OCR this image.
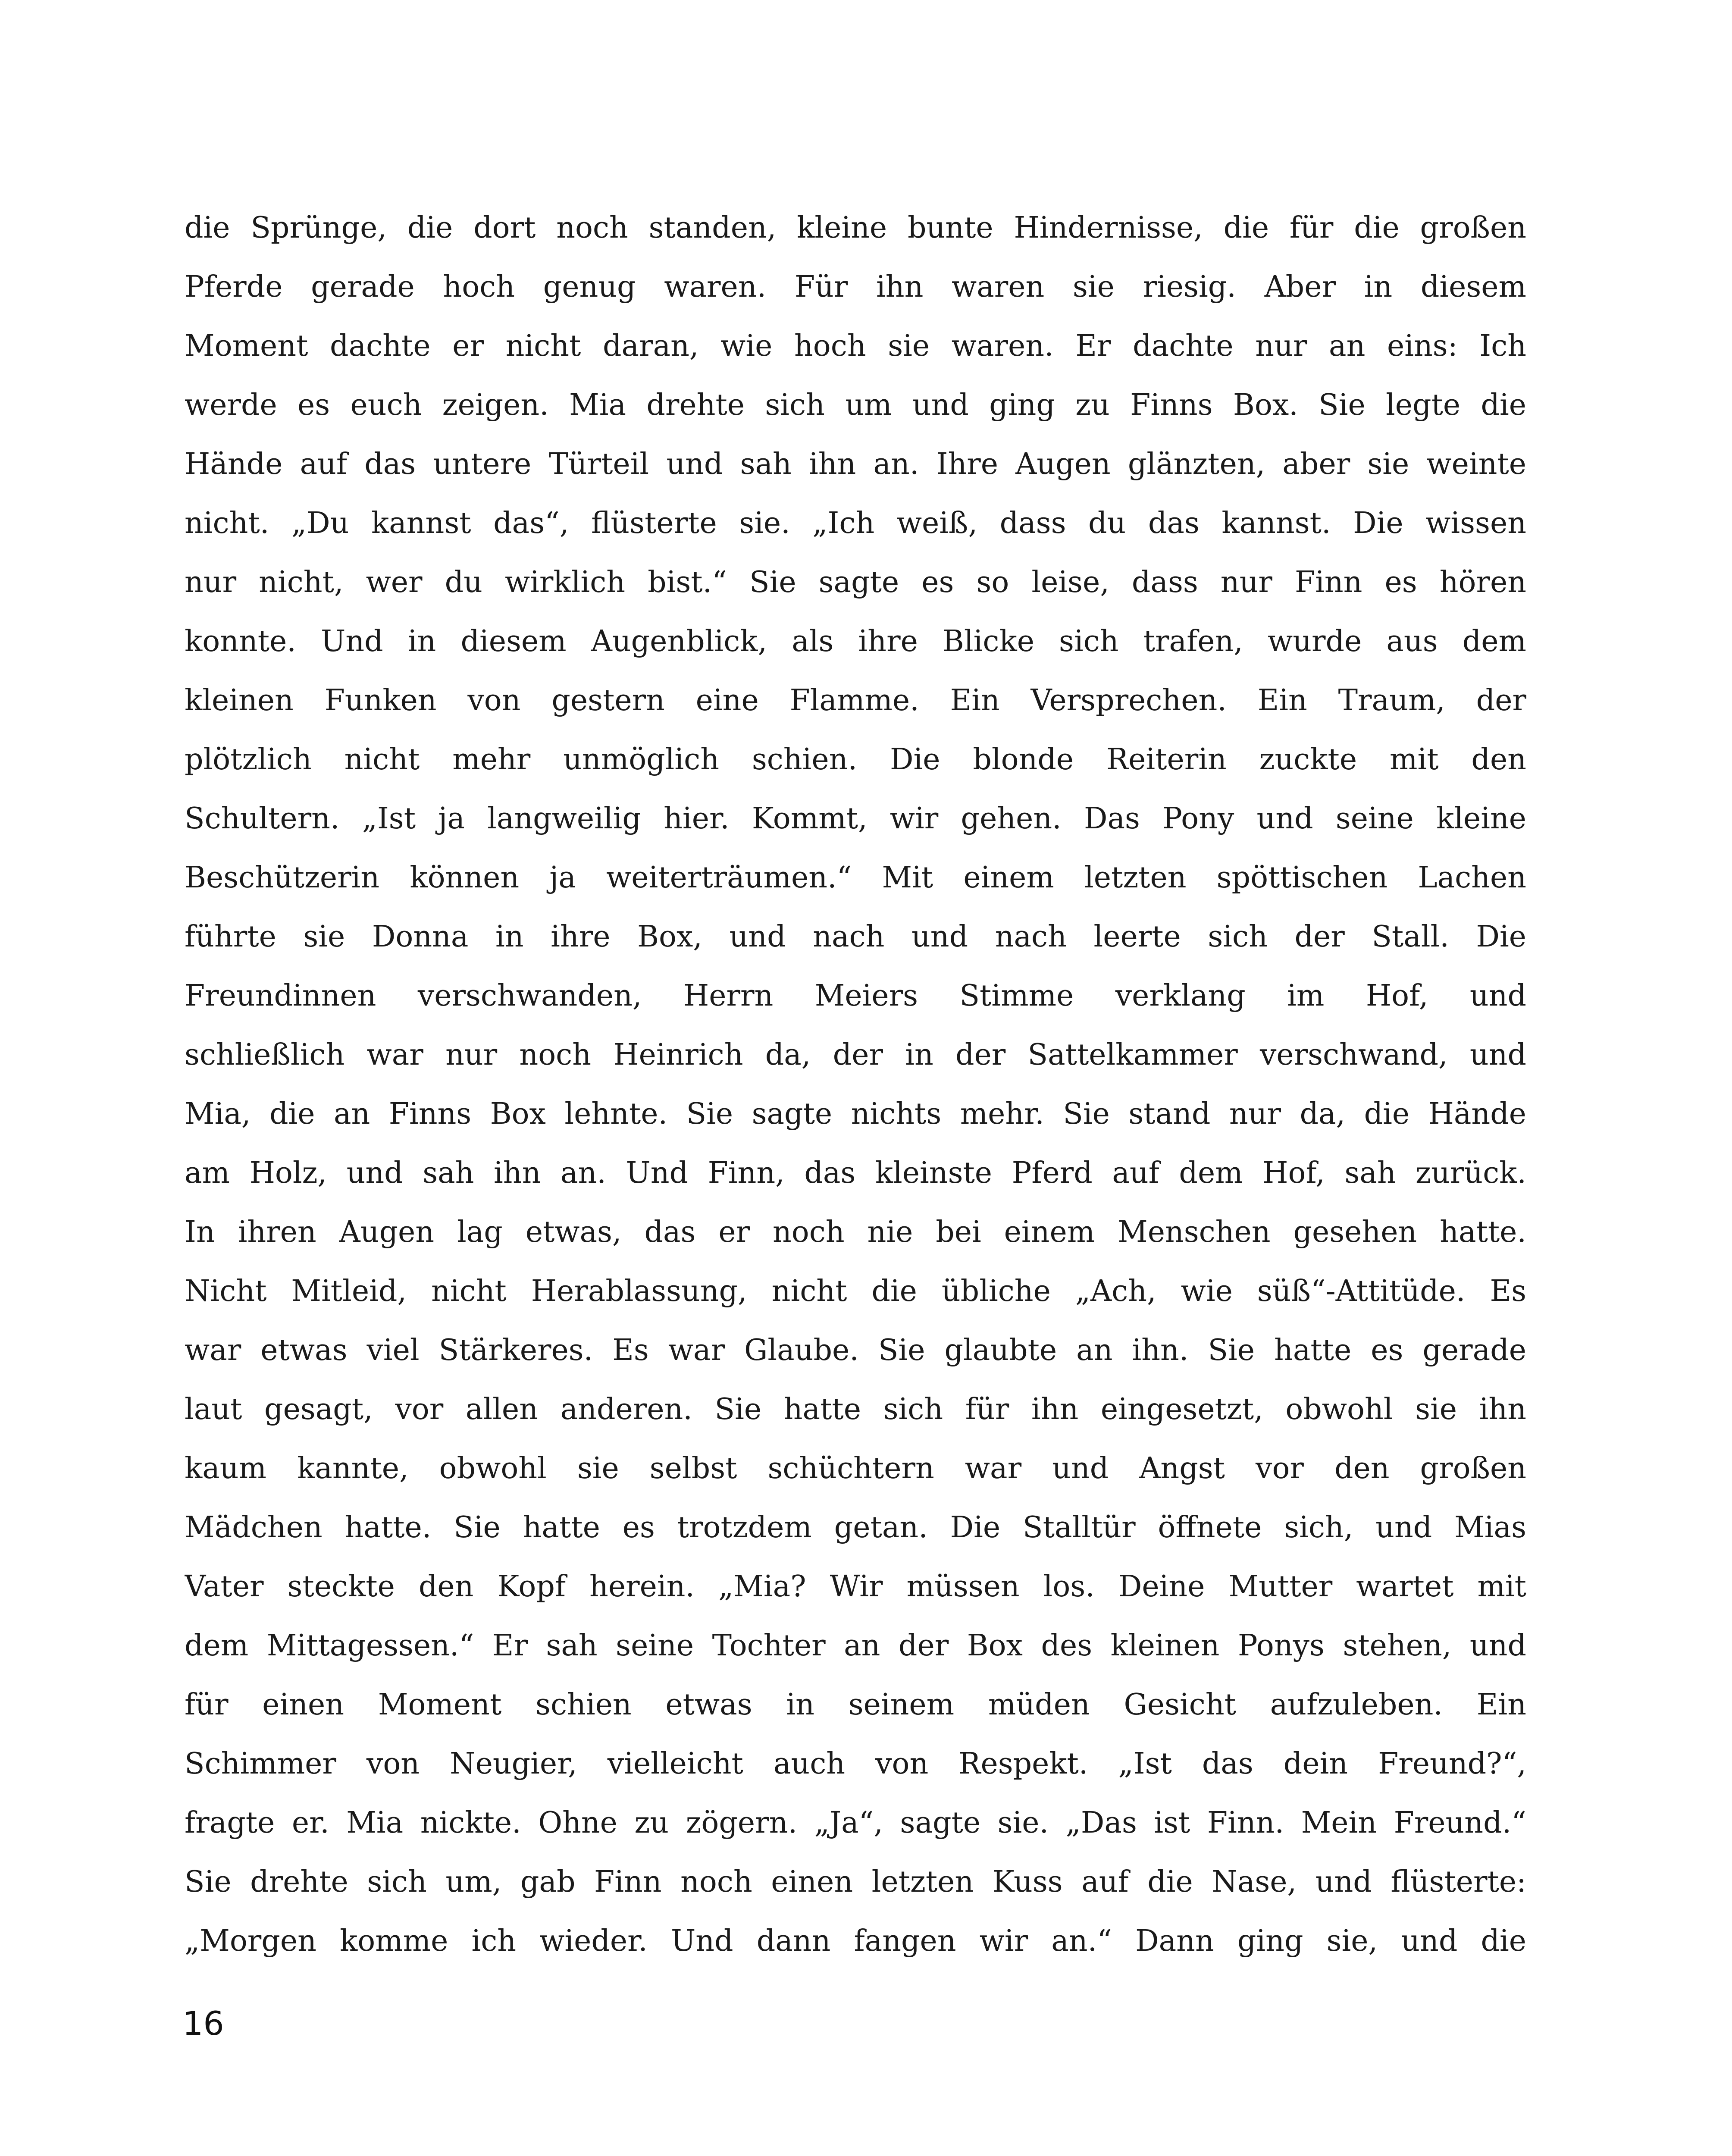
die Sprünge, die dort noch standen, kleine bunte Hindernisse, die für die großen
Pferde gerade hoch genug waren. Für ihn waren sie riesig. Aber in diesem
Moment dachte er nicht daran, wie hoch sie waren. Er dachte nur an eins: Ich
werde es euch zeigen. Mia drehte sich um und ging zu Finns Box. Sie legte die
Hände auf das untere Türteil und sah ihn an. Ihre Augen glänzten, aber sie weinte
nicht. „Du kannst das“, flüsterte sie. „Ich weiß, dass du das kannst. Die wissen
nur nicht, wer du wirklich bist.“ Sie sagte es so leise, dass nur Finn es hören
konnte. Und in diesem Augenblick, als ihre Blicke sich trafen, wurde aus dem
kleinen Funken von gestern eine Flamme. Ein Versprechen. Ein Traum, der
plötzlich nicht mehr unmöglich schien. Die blonde Reiterin zuckte mit den
Schultern. „Ist ja langweilig hier. Kommt, wir gehen. Das Pony und seine kleine
Beschützerin können ja weiterträumen.“ Mit einem letzten spöttischen Lachen
führte sie Donna in ihre Box, und nach und nach leerte sich der Stall. Die
Freundinnen verschwanden, Herrn Meiers Stimme verklang im Hof, und
schließlich war nur noch Heinrich da, der in der Sattelkammer verschwand, und
Mia, die an Finns Box lehnte. Sie sagte nichts mehr. Sie stand nur da, die Hände
am Holz, und sah ihn an. Und Finn, das kleinste Pferd auf dem Hof, sah zurück.
In ihren Augen lag etwas, das er noch nie bei einem Menschen gesehen hatte.
Nicht Mitleid, nicht Herablassung, nicht die übliche „Ach, wie süß“-Attitüde. Es
war etwas viel Stärkeres. Es war Glaube. Sie glaubte an ihn. Sie hatte es gerade
laut gesagt, vor allen anderen. Sie hatte sich für ihn eingesetzt, obwohl sie ihn
kaum kannte, obwohl sie selbst schüchtern war und Angst vor den großen
Mädchen hatte. Sie hatte es trotzdem getan. Die Stalltür öffnete sich, und Mias
Vater steckte den Kopf herein. „Mia? Wir müssen los. Deine Mutter wartet mit
dem Mittagessen.“ Er sah seine Tochter an der Box des kleinen Ponys stehen, und
für einen Moment schien etwas in seinem müden Gesicht aufzuleben. Ein
Schimmer von Neugier, vielleicht auch von Respekt. „Ist das dein Freund?“,
fragte er. Mia nickte. Ohne zu zögern. „Ja“, sagte sie. „Das ist Finn. Mein Freund.“
Sie drehte sich um, gab Finn noch einen letzten Kuss auf die Nase, und flüsterte:
„Morgen komme ich wieder. Und dann fangen wir an.“ Dann ging sie, und die
16
